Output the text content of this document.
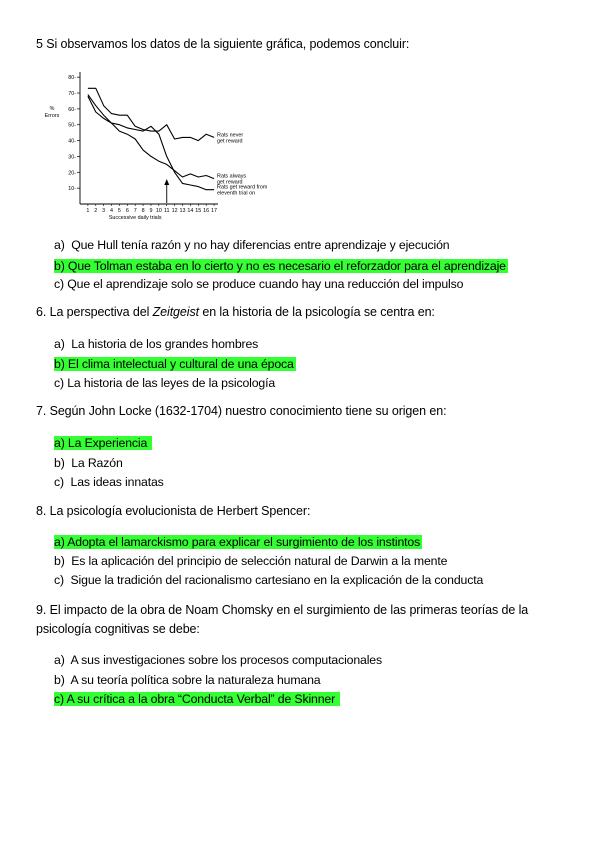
5 Si observamos los datos de la siguiente gráfica, podemos concluir:
10-
20-
30-
40-
50-
60-
70-
80-
1 2 3 4 5 6 7 8 9 10 11 12 13 14 15 16 17
%
Errors
Successive daily trials
Rats never
get reward
Rats always
get reward
Rats get reward from
eleventh trial on
a) Que Hull tenía razón y no hay diferencias entre aprendizaje y ejecución
b) Que Tolman estaba en lo cierto y no es necesario el reforzador para el aprendizaje
c) Que el aprendizaje solo se produce cuando hay una reducción del impulso
6. La perspectiva del Zeitgeist en la historia de la psicología se centra en:
a) La historia de los grandes hombres
b) El clima intelectual y cultural de una época
c) La historia de las leyes de la psicología
7. Según John Locke (1632-1704) nuestro conocimiento tiene su origen en:
a) La Experiencia
b) La Razón
c) Las ideas innatas
8. La psicología evolucionista de Herbert Spencer:
a) Adopta el lamarckismo para explicar el surgimiento de los instintos
b) Es la aplicación del principio de selección natural de Darwin a la mente
c) Sigue la tradición del racionalismo cartesiano en la explicación de la conducta
9. El impacto de la obra de Noam Chomsky en el surgimiento de las primeras teorías de la
psicología cognitivas se debe:
a) A sus investigaciones sobre los procesos computacionales
b) A su teoría política sobre la naturaleza humana
c) A su crítica a la obra “Conducta Verbal” de Skinner
